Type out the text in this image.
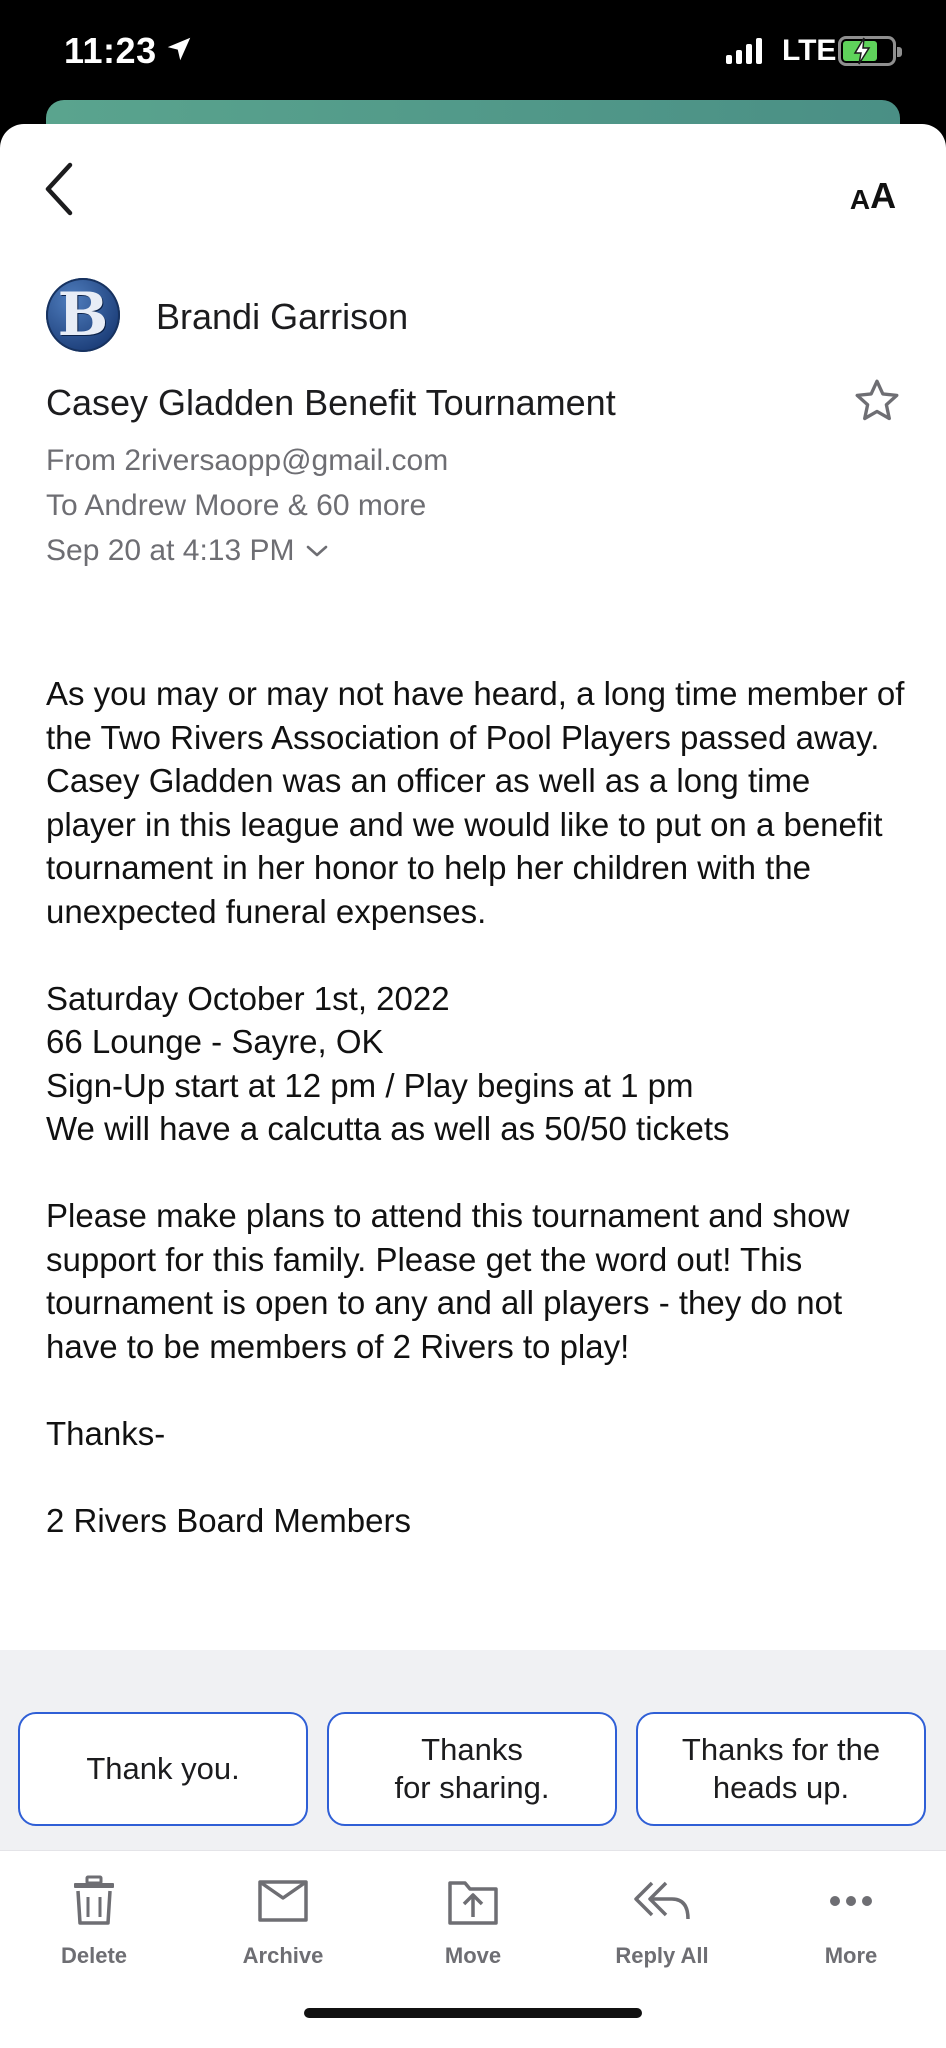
11:23	LTE
A A
B Brandi Garrison
Casey Gladden Benefit Tournament
From 2riversaopp@gmail.com
To Andrew Moore & 60 more
Sep 20 at 4:13 PM

As you may or may not have heard, a long time member of the Two Rivers Association of Pool Players passed away. Casey Gladden was an officer as well as a long time player in this league and we would like to put on a benefit tournament in her honor to help her children with the unexpected funeral expenses.

Saturday October 1st, 2022
66 Lounge - Sayre, OK
Sign-Up start at 12 pm / Play begins at 1 pm
We will have a calcutta as well as 50/50 tickets

Please make plans to attend this tournament and show support for this family. Please get the word out! This tournament is open to any and all players - they do not have to be members of 2 Rivers to play!

Thanks-

2 Rivers Board Members

Thank you.
Thanks
for sharing.
Thanks for the
heads up.
Delete	Archive	Move	Reply All	More
